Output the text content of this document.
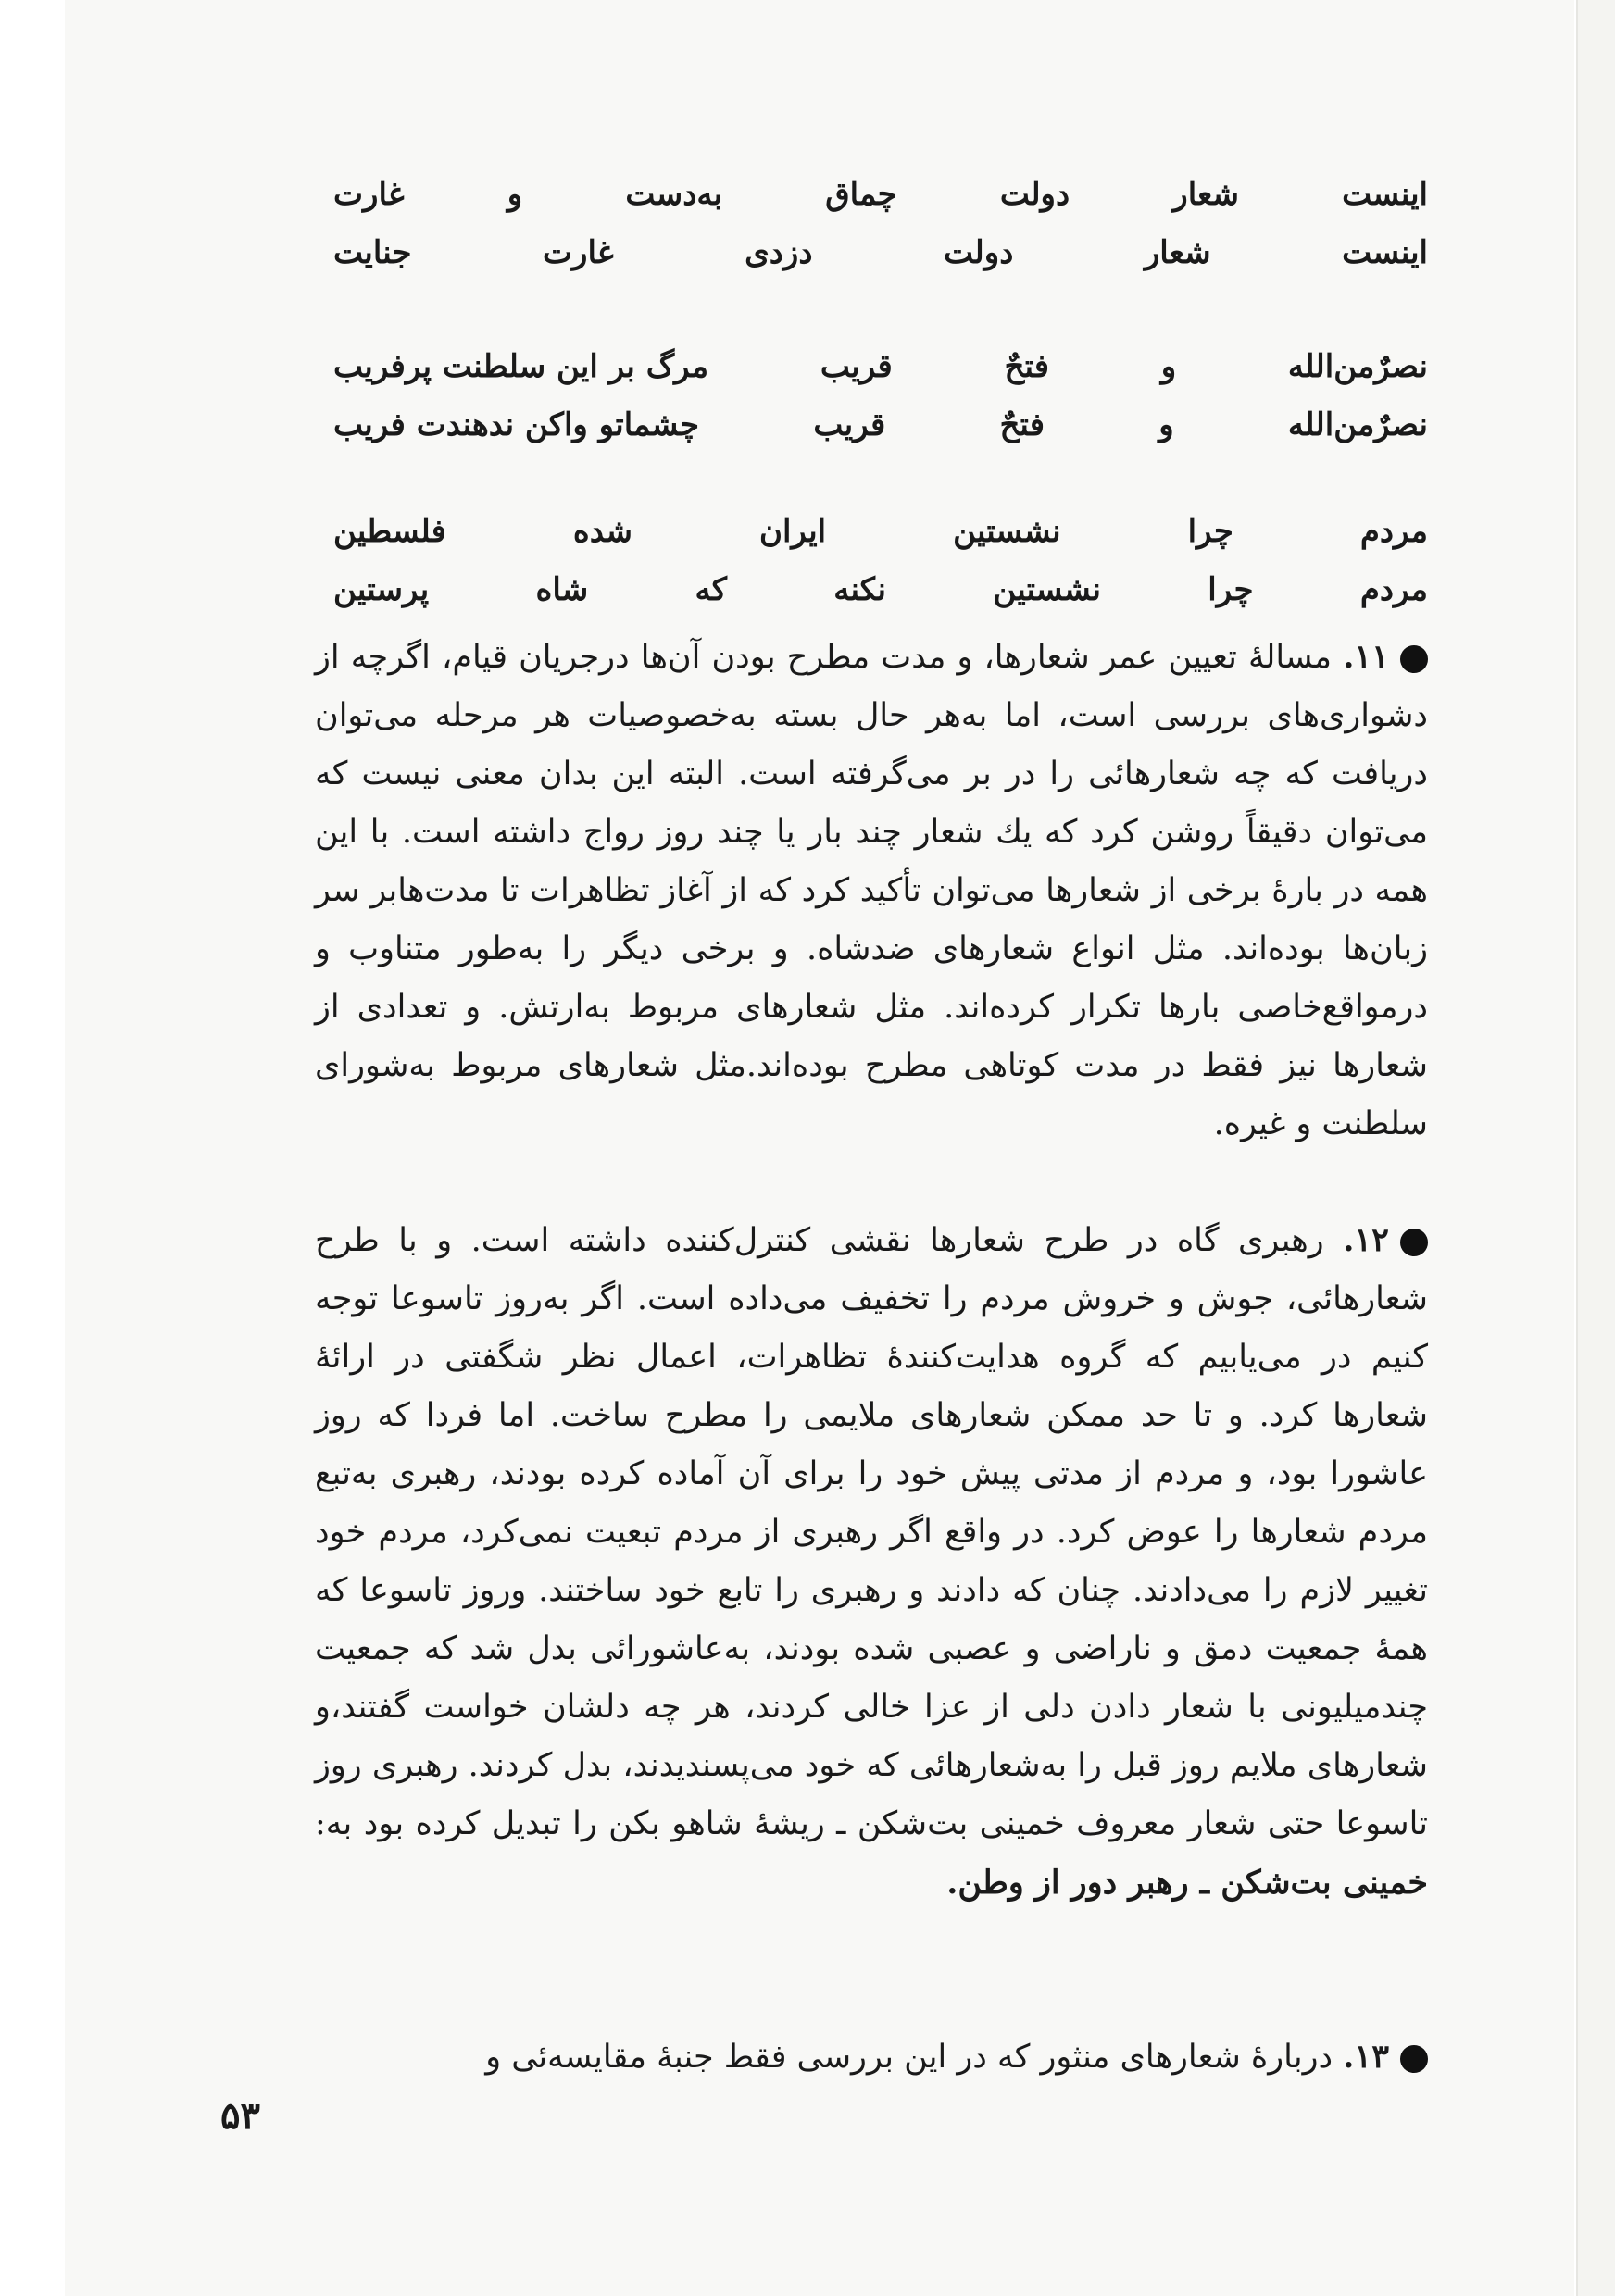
اینست
شعار
دولت
چماق
به‌دست
و
غارت
اینست
شعار
دولت
دزدی
غارت
جنایت
نصرٌمن‌الله
و
فتحٌ
قریب
مرگ بر این سلطنت پرفریب
نصرٌمن‌الله
و
فتحٌ
قریب
چشماتو واکن ندهندت فریب
مردم
چرا
نشستین
ایران
شده
فلسطین
مردم
چرا
نشستین
نکنه
که
شاه
پرستین
۱۱. مسالهٔ تعیین عمر شعارها، و مدت مطرح بودن آن‌ها درجریان قیام، اگرچه از دشواری‌های بررسی است، اما به‌هر حال بسته به‌خصوصیات هر مرحله می‌توان دریافت که چه شعارهائی را در بر می‌گرفته است. البته این بدان معنی نیست که می‌توان دقیقاً روشن کرد که یك شعار چند بار یا چند روز رواج داشته است. با این همه در بارهٔ برخی از شعارها می‌توان تأکید کرد که از آغاز تظاهرات تا مدت‌هابر سر زبان‌ها بوده‌اند. مثل انواع شعارهای ضدشاه. و برخی دیگر را به‌طور متناوب و درمواقع‌خاصی بارها تکرار کرده‌اند. مثل شعارهای مربوط به‌ارتش. و تعدادی از شعارها نیز فقط در مدت کوتاهی مطرح بوده‌اند.مثل شعارهای مربوط به‌شورای سلطنت و غیره.
۱۲. رهبری گاه در طرح شعارها نقشی کنترل‌کننده داشته است. و با طرح شعارهائی، جوش و خروش مردم را تخفیف می‌داده است. اگر به‌روز تاسوعا توجه کنیم در می‌یابیم که گروه هدایت‌کنندهٔ تظاهرات، اعمال نظر شگفتی در ارائهٔ شعارها کرد. و تا حد ممکن شعارهای ملایمی را مطرح ساخت. اما فردا که روز عاشورا بود، و مردم از مدتی پیش خود را برای آن آماده کرده بودند، رهبری به‌تبع مردم شعارها را عوض کرد. در واقع اگر رهبری از مردم تبعیت نمی‌کرد، مردم خود تغییر لازم را می‌دادند. چنان که دادند و رهبری را تابع خود ساختند. وروز تاسوعا که همهٔ جمعیت دمق و ناراضی و عصبی شده بودند، به‌عاشورائی بدل شد که جمعیت چندمیلیونی با شعار دادن دلی از عزا خالی کردند، هر چه دلشان خواست گفتند،و شعارهای ملایم روز قبل را به‌شعارهائی که خود می‌پسندیدند، بدل کردند. رهبری روز تاسوعا حتی شعار معروف خمینی بت‌شکن ـ ریشهٔ شاهو بکن را تبدیل کرده بود به: خمینی بت‌شکن ـ رهبر دور از وطن.
۱۳. دربارهٔ شعارهای منثور که در این بررسی فقط جنبهٔ مقایسه‌ئی و
۵۳
